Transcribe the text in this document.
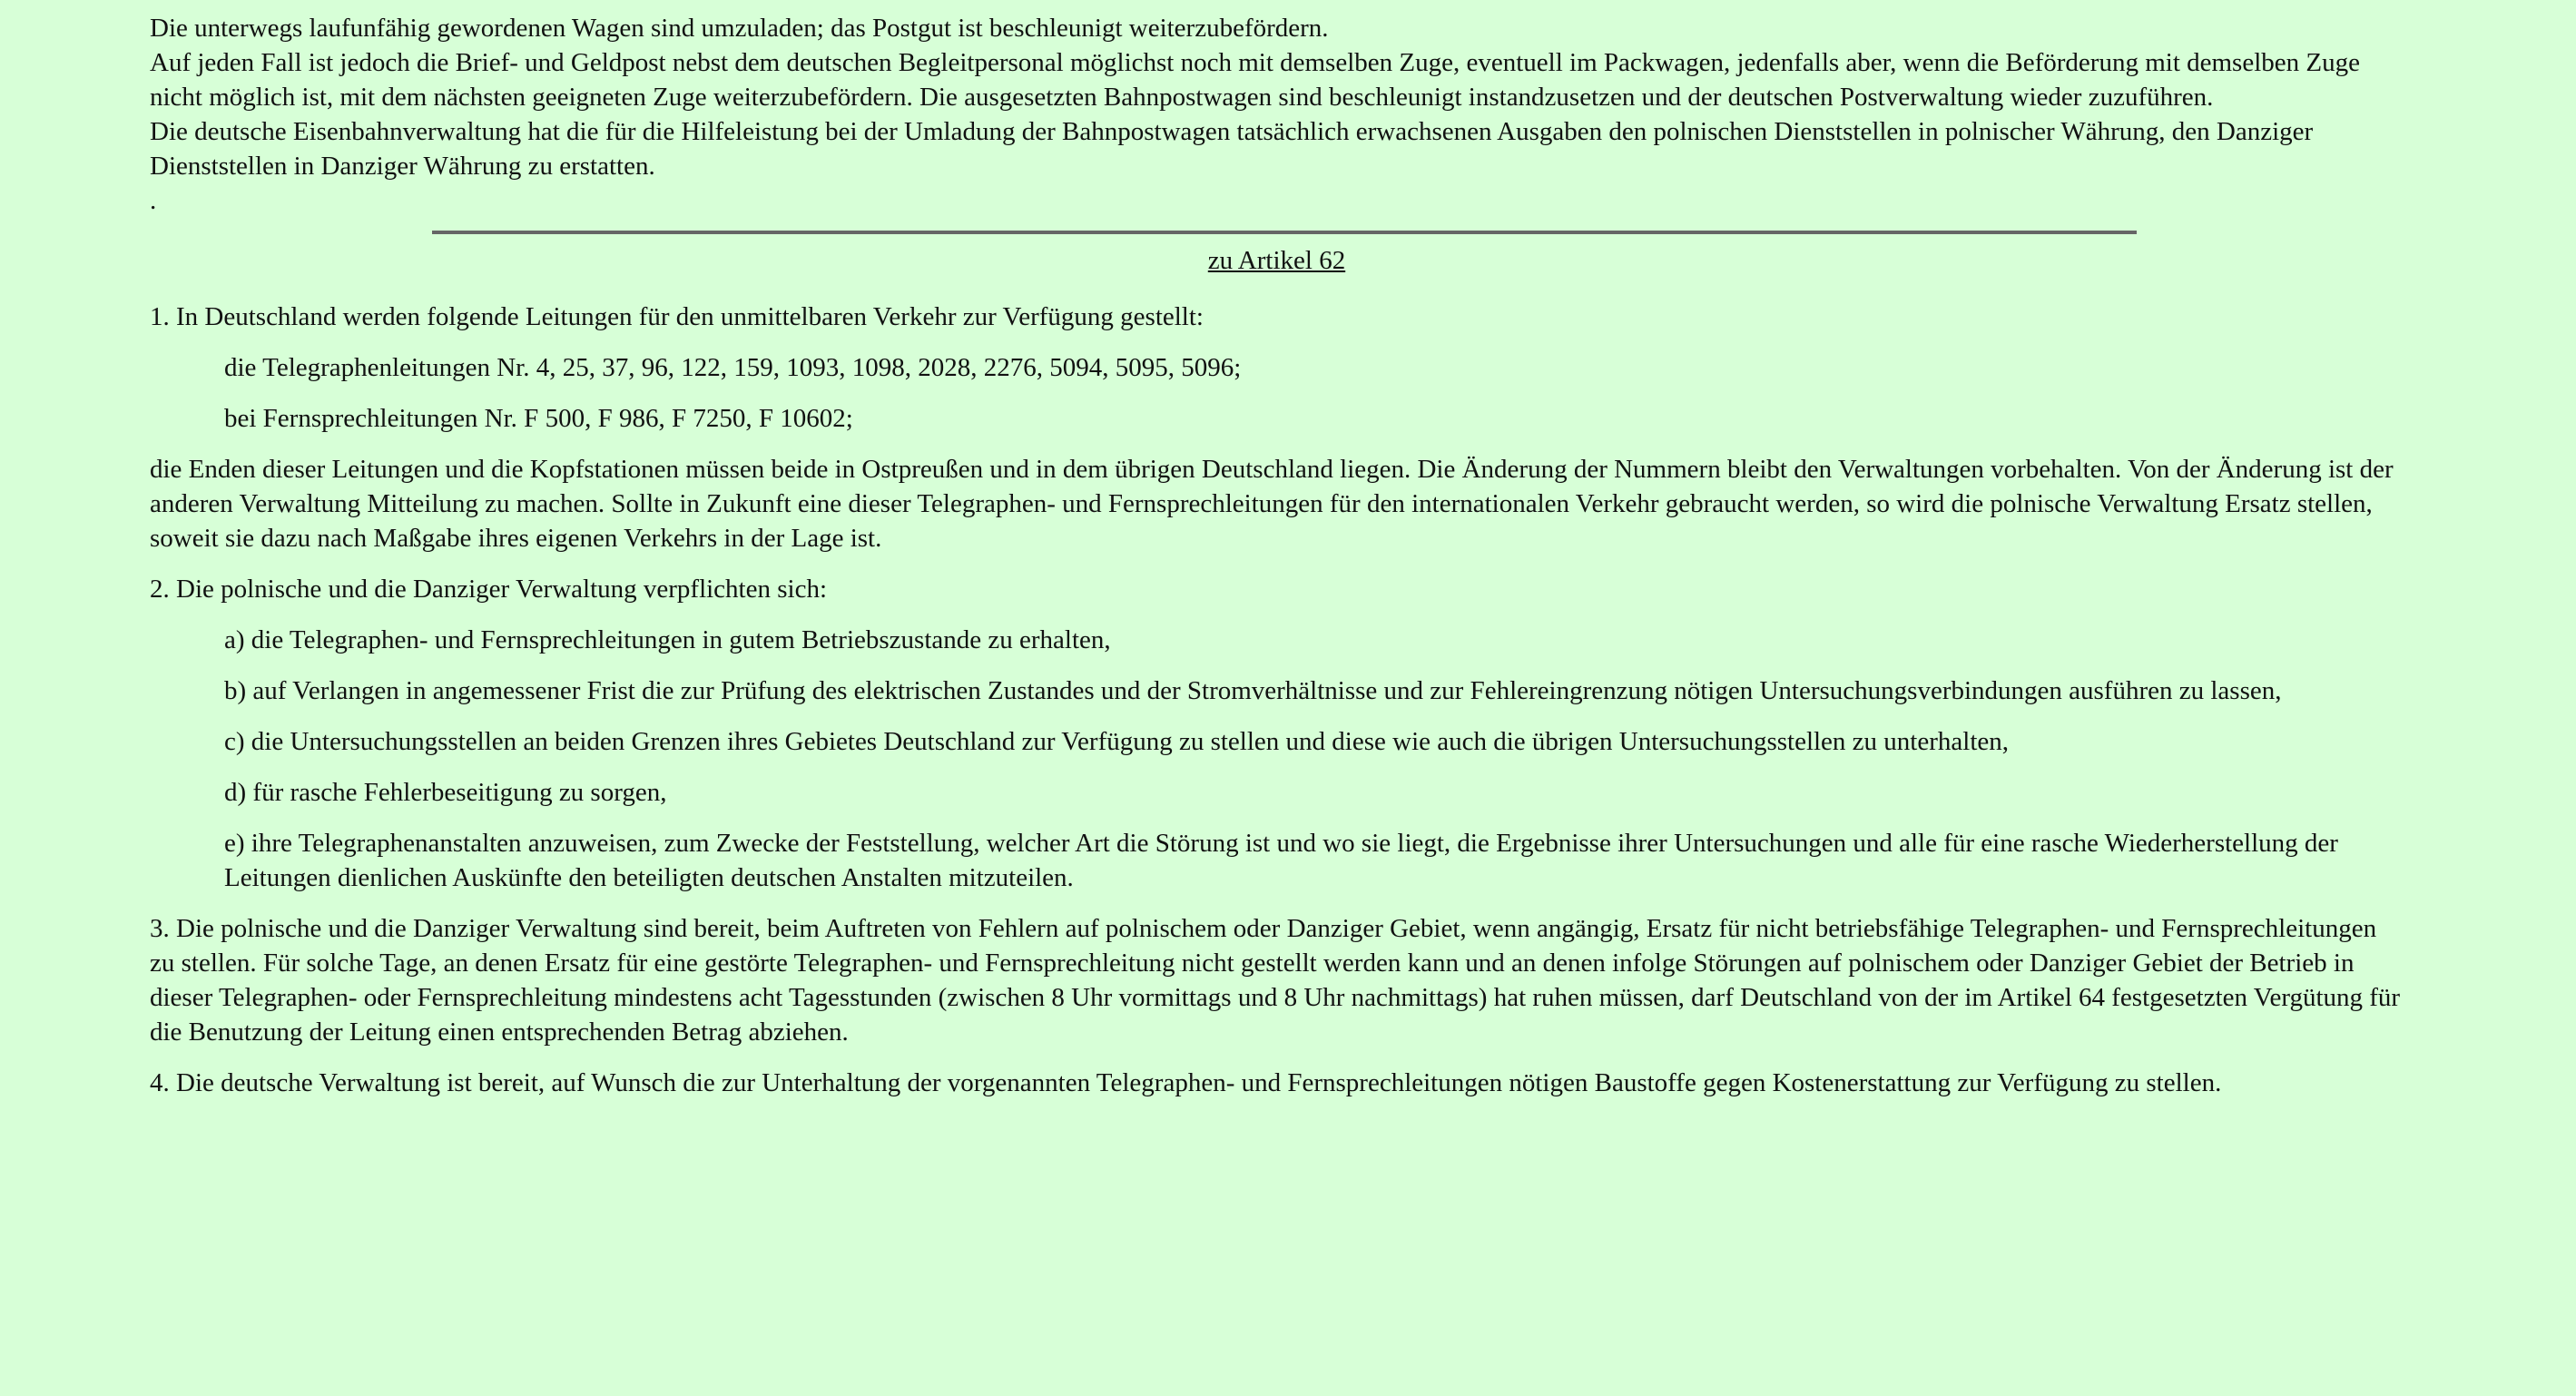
Die unterwegs laufunfähig gewordenen Wagen sind umzuladen; das Postgut ist beschleunigt weiterzubefördern.

Auf jeden Fall ist jedoch die Brief- und Geldpost nebst dem deutschen Begleitpersonal möglichst noch mit demselben Zuge, eventuell im Packwagen, jedenfalls aber, wenn die Beförderung mit demselben Zuge nicht möglich ist, mit dem nächsten geeigneten Zuge weiterzubefördern. Die ausgesetzten Bahnpostwagen sind beschleunigt instandzusetzen und der deutschen Postverwaltung wieder zuzuführen.

Die deutsche Eisenbahnverwaltung hat die für die Hilfeleistung bei der Umladung der Bahnpostwagen tatsächlich erwachsenen Ausgaben den polnischen Dienststellen in polnischer Währung, den Danziger Dienststellen in Danziger Währung zu erstatten.

.

zu Artikel 62

1. In Deutschland werden folgende Leitungen für den unmittelbaren Verkehr zur Verfügung gestellt:

die Telegraphenleitungen Nr. 4, 25, 37, 96, 122, 159, 1093, 1098, 2028, 2276, 5094, 5095, 5096;

bei Fernsprechleitungen Nr. F 500, F 986, F 7250, F 10602;

die Enden dieser Leitungen und die Kopfstationen müssen beide in Ostpreußen und in dem übrigen Deutschland liegen. Die Änderung der Nummern bleibt den Verwaltungen vorbehalten. Von der Änderung ist der anderen Verwaltung Mitteilung zu machen. Sollte in Zukunft eine dieser Telegraphen- und Fernsprechleitungen für den internationalen Verkehr gebraucht werden, so wird die polnische Verwaltung Ersatz stellen, soweit sie dazu nach Maßgabe ihres eigenen Verkehrs in der Lage ist.

2. Die polnische und die Danziger Verwaltung verpflichten sich:

a) die Telegraphen- und Fernsprechleitungen in gutem Betriebszustande zu erhalten,

b) auf Verlangen in angemessener Frist die zur Prüfung des elektrischen Zustandes und der Stromverhältnisse und zur Fehlereingrenzung nötigen Untersuchungsverbindungen ausführen zu lassen,

c) die Untersuchungsstellen an beiden Grenzen ihres Gebietes Deutschland zur Verfügung zu stellen und diese wie auch die übrigen Untersuchungsstellen zu unterhalten,

d) für rasche Fehlerbeseitigung zu sorgen,

e) ihre Telegraphenanstalten anzuweisen, zum Zwecke der Feststellung, welcher Art die Störung ist und wo sie liegt, die Ergebnisse ihrer Untersuchungen und alle für eine rasche Wiederherstellung der Leitungen dienlichen Auskünfte den beteiligten deutschen Anstalten mitzuteilen.

3. Die polnische und die Danziger Verwaltung sind bereit, beim Auftreten von Fehlern auf polnischem oder Danziger Gebiet, wenn angängig, Ersatz für nicht betriebsfähige Telegraphen- und Fernsprechleitungen zu stellen. Für solche Tage, an denen Ersatz für eine gestörte Telegraphen- und Fernsprechleitung nicht gestellt werden kann und an denen infolge Störungen auf polnischem oder Danziger Gebiet der Betrieb in dieser Telegraphen- oder Fernsprechleitung mindestens acht Tagesstunden (zwischen 8 Uhr vormittags und 8 Uhr nachmittags) hat ruhen müssen, darf Deutschland von der im Artikel 64 festgesetzten Vergütung für die Benutzung der Leitung einen entsprechenden Betrag abziehen.

4. Die deutsche Verwaltung ist bereit, auf Wunsch die zur Unterhaltung der vorgenannten Telegraphen- und Fernsprechleitungen nötigen Baustoffe gegen Kostenerstattung zur Verfügung zu stellen.
